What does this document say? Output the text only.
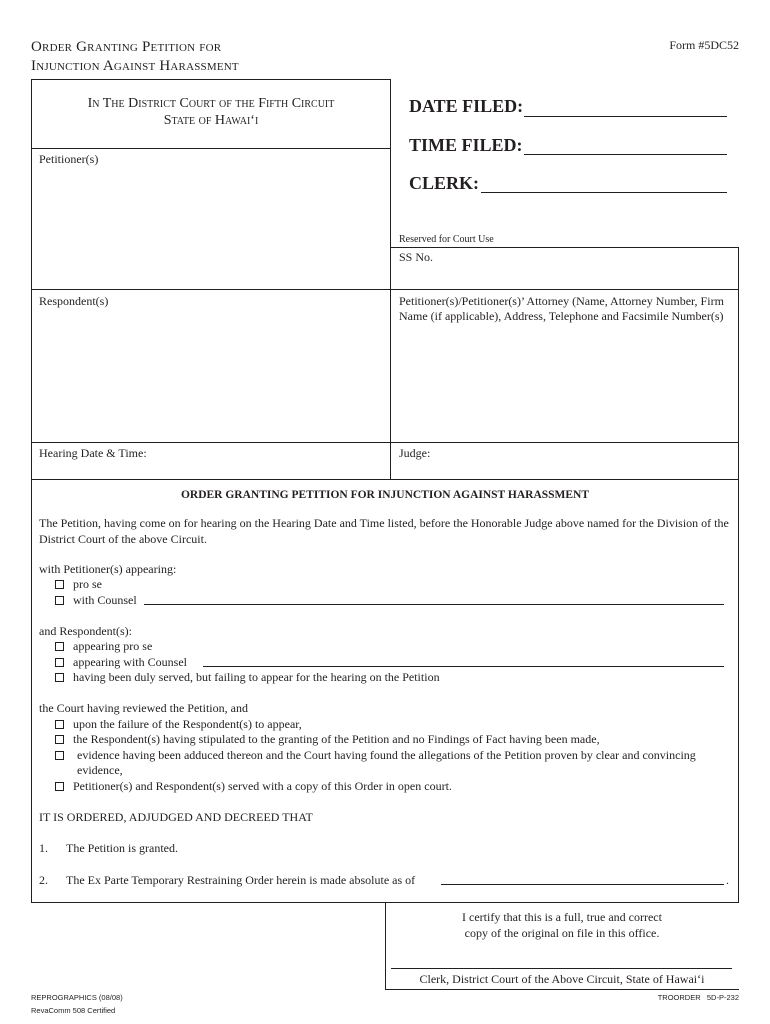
Order Granting Petition for
Injunction Against Harassment
Form #5DC52
In The District Court of the Fifth Circuit
State of Hawai‘i
Petitioner(s)
DATE FILED:
TIME FILED:
CLERK:
Reserved for Court Use
SS No.
Respondent(s)	Petitioner(s)/Petitioner(s)’ Attorney (Name, Attorney Number, Firm Name (if applicable), Address, Telephone and Facsimile Number(s)
Hearing Date & Time:	Judge:
ORDER GRANTING PETITION FOR INJUNCTION AGAINST HARASSMENT
The Petition, having come on for hearing on the Hearing Date and Time listed, before the Honorable Judge above named for the Division of the District Court of the above Circuit.
with Petitioner(s) appearing:
pro se
with Counsel
and Respondent(s):
appearing pro se
appearing with Counsel
having been duly served, but failing to appear for the hearing on the Petition
the Court having reviewed the Petition, and
upon the failure of the Respondent(s) to appear,
the Respondent(s) having stipulated to the granting of the Petition and no Findings of Fact having been made,
evidence having been adduced thereon and the Court having found the allegations of the Petition proven by clear and convincing evidence,
Petitioner(s) and Respondent(s) served with a copy of this Order in open court.
IT IS ORDERED, ADJUDGED AND DECREED THAT
1. The Petition is granted.
2. The Ex Parte Temporary Restraining Order herein is made absolute as of	.
I certify that this is a full, true and correct
copy of the original on file in this office.
Clerk, District Court of the Above Circuit, State of Hawai‘i
REPROGRAPHICS (08/08)
RevaComm 508 Certified
TROORDER   5D-P-232
